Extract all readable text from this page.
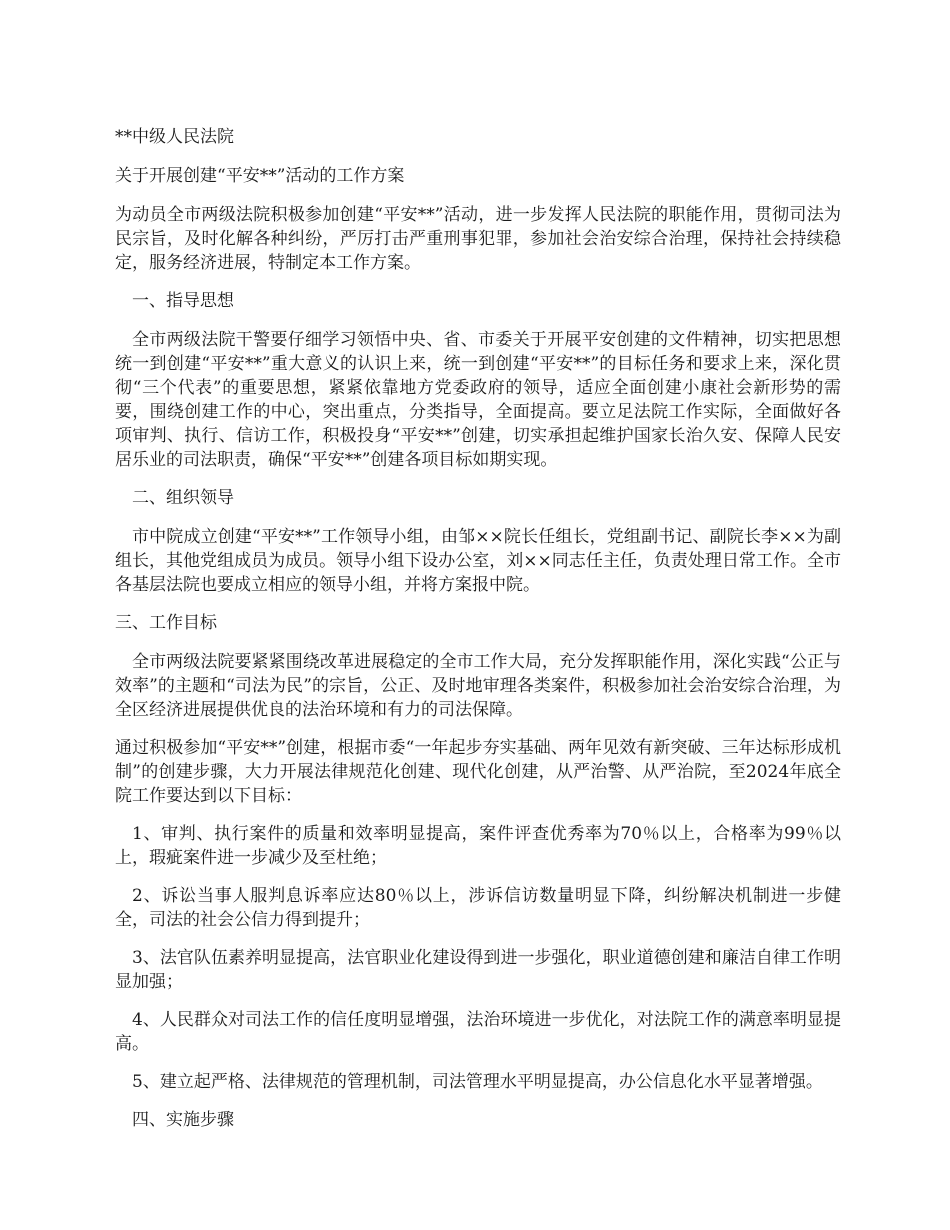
**中级人民法院

关于开展创建“平安**”活动的工作方案

为动员全市两级法院积极参加创建“平安**”活动，进一步发挥人民法院的职能作用，贯彻司法为民宗旨，及时化解各种纠纷，严厉打击严重刑事犯罪，参加社会治安综合治理，保持社会持续稳定，服务经济进展，特制定本工作方案。

一、指导思想

全市两级法院干警要仔细学习领悟中央、省、市委关于开展平安创建的文件精神，切实把思想统一到创建“平安**”重大意义的认识上来，统一到创建“平安**”的目标任务和要求上来，深化贯彻“三个代表”的重要思想，紧紧依靠地方党委政府的领导，适应全面创建小康社会新形势的需要，围绕创建工作的中心，突出重点，分类指导，全面提高。要立足法院工作实际，全面做好各项审判、执行、信访工作，积极投身“平安**”创建，切实承担起维护国家长治久安、保障人民安居乐业的司法职责，确保“平安**”创建各项目标如期实现。

二、组织领导

市中院成立创建“平安**”工作领导小组，由邹××院长任组长，党组副书记、副院长李××为副组长，其他党组成员为成员。领导小组下设办公室，刘××同志任主任，负责处理日常工作。全市各基层法院也要成立相应的领导小组，并将方案报中院。

三、工作目标

全市两级法院要紧紧围绕改革进展稳定的全市工作大局，充分发挥职能作用，深化实践“公正与效率”的主题和“司法为民”的宗旨，公正、及时地审理各类案件，积极参加社会治安综合治理，为全区经济进展提供优良的法治环境和有力的司法保障。

通过积极参加“平安**”创建，根据市委“一年起步夯实基础、两年见效有新突破、三年达标形成机制”的创建步骤，大力开展法律规范化创建、现代化创建，从严治警、从严治院，至2024年底全院工作要达到以下目标：

1、审判、执行案件的质量和效率明显提高，案件评查优秀率为70％以上，合格率为99％以上，瑕疵案件进一步减少及至杜绝；

2、诉讼当事人服判息诉率应达80％以上，涉诉信访数量明显下降，纠纷解决机制进一步健全，司法的社会公信力得到提升；

3、法官队伍素养明显提高，法官职业化建设得到进一步强化，职业道德创建和廉洁自律工作明显加强；

4、人民群众对司法工作的信任度明显增强，法治环境进一步优化，对法院工作的满意率明显提高。

5、建立起严格、法律规范的管理机制，司法管理水平明显提高，办公信息化水平显著增强。

四、实施步骤
